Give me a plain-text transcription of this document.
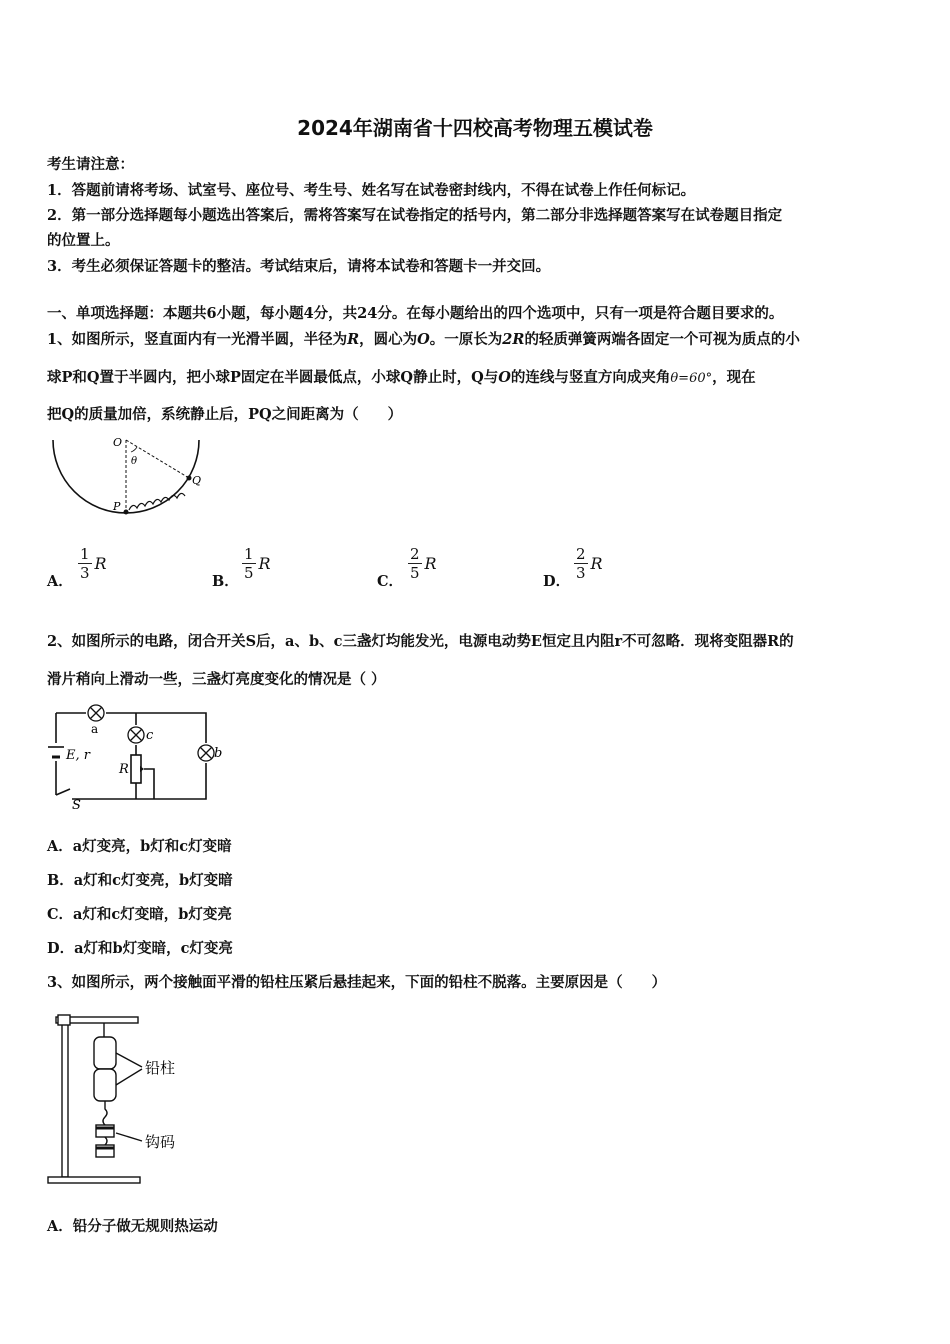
2024年湖南省十四校高考物理五模试卷
考生请注意：
1．答题前请将考场、试室号、座位号、考生号、姓名写在试卷密封线内，不得在试卷上作任何标记。
2．第一部分选择题每小题选出答案后，需将答案写在试卷指定的括号内，第二部分非选择题答案写在试卷题目指定
的位置上。
3．考生必须保证答题卡的整洁。考试结束后，请将本试卷和答题卡一并交回。
一、单项选择题：本题共6小题，每小题4分，共24分。在每小题给出的四个选项中，只有一项是符合题目要求的。
1、如图所示，竖直面内有一光滑半圆，半径为R，圆心为O。一原长为2R的轻质弹簧两端各固定一个可视为质点的小
球P和Q置于半圆内，把小球P固定在半圆最低点，小球Q静止时，Q与O的连线与竖直方向成夹角θ=60°，现在
把Q的质量加倍，系统静止后，PQ之间距离为（　　）
O
θ
Q
P
A． $\frac{1}{3}$ R
B． $\frac{1}{5}$ R
C． $\frac{2}{5}$ R
D． $\frac{2}{3}$ R
2、如图所示的电路，闭合开关S后，a、b、c三盏灯均能发光，电源电动势E恒定且内阻r不可忽略．现将变阻器R的
滑片稍向上滑动一些，三盏灯亮度变化的情况是（ ）
a	c
b
E, r
R
S
A．a灯变亮，b灯和c灯变暗
B．a灯和c灯变亮，b灯变暗
C．a灯和c灯变暗，b灯变亮
D．a灯和b灯变暗，c灯变亮
3、如图所示，两个接触面平滑的铅柱压紧后悬挂起来，下面的铅柱不脱落。主要原因是（　　）
铅柱
钩码
A．铅分子做无规则热运动
